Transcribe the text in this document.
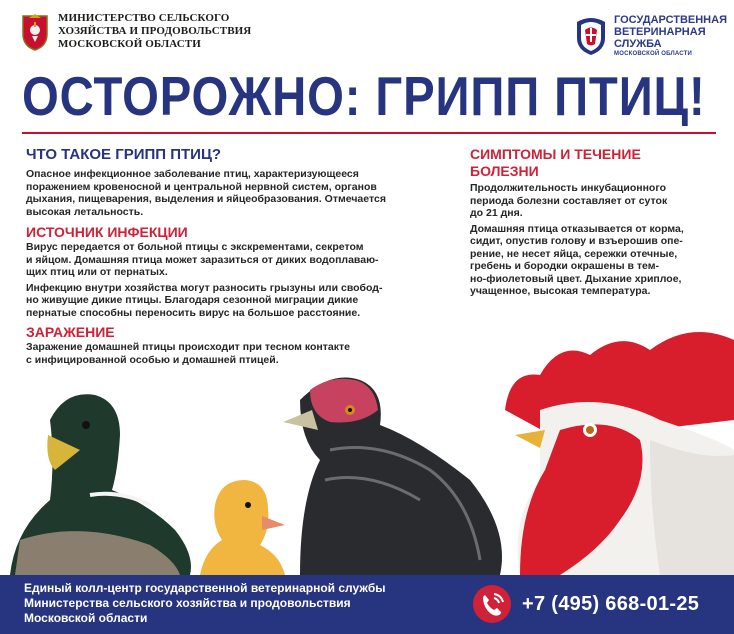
МИНИСТЕРСТВО СЕЛЬСКОГО
ХОЗЯЙСТВА И ПРОДОВОЛЬСТВИЯ
МОСКОВСКОЙ ОБЛАСТИ
ГОСУДАРСТВЕННАЯ
ВЕТЕРИНАРНАЯ
СЛУЖБА
МОСКОВСКОЙ ОБЛАСТИ
ОСТОРОЖНО: ГРИПП ПТИЦ!
ЧТО ТАКОЕ ГРИПП ПТИЦ?
Опасное инфекционное заболевание птиц, характеризующееся
поражением кровеносной и центральной нервной систем, органов
дыхания, пищеварения, выделения и яйцеобразования. Отмечается
высокая летальность.
ИСТОЧНИК ИНФЕКЦИИ
Вирус передается от больной птицы с экскрементами, секретом
и яйцом. Домашняя птица может заразиться от диких водоплаваю-
щих птиц или от пернатых.
Инфекцию внутри хозяйства могут разносить грызуны или свобод-
но живущие дикие птицы. Благодаря сезонной миграции дикие
пернатые способны переносить вирус на большое расстояние.
ЗАРАЖЕНИЕ
Заражение домашней птицы происходит при тесном контакте
с инфицированной особью и домашней птицей.
СИМПТОМЫ И ТЕЧЕНИЕ
БОЛЕЗНИ
Продолжительность инкубационного
периода болезни составляет от суток
до 21 дня.
Домашняя птица отказывается от корма,
сидит, опустив голову и взъерошив опе-
рение, не несет яйца, сережки отечные,
гребень и бородки окрашены в тем-
но-фиолетовый цвет. Дыхание хриплое,
учащенное, высокая температура.
Единый колл-центр государственной ветеринарной службы
Министерства сельского хозяйства и продовольствия
Московской области
+7 (495) 668-01-25
